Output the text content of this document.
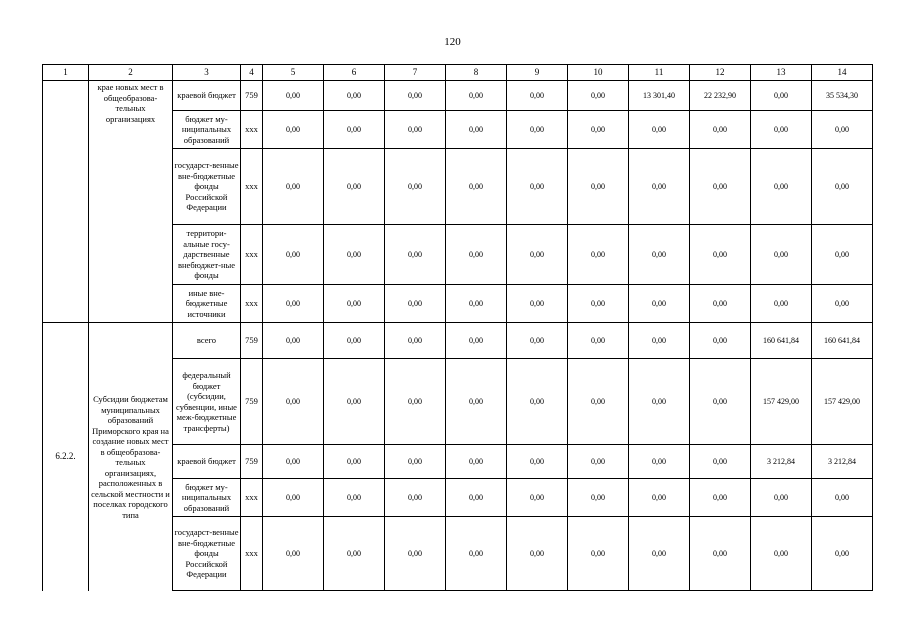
120
1	2	3	4	5	6	7	8	9	10	11	12	13	14
	крае новых мест в общеобразова-тельных организациях	краевой бюджет	759	0,00	0,00	0,00	0,00	0,00	0,00	13 301,40	22 232,90	0,00	35 534,30
		бюджет му-ниципальных образований	ххх	0,00	0,00	0,00	0,00	0,00	0,00	0,00	0,00	0,00	0,00
		государст-венные вне-бюджетные фонды Российской Федерации	ххх	0,00	0,00	0,00	0,00	0,00	0,00	0,00	0,00	0,00	0,00
		территори-альные госу-дарственные внебюджет-ные фонды	ххх	0,00	0,00	0,00	0,00	0,00	0,00	0,00	0,00	0,00	0,00
		иные вне-бюджетные источники	ххх	0,00	0,00	0,00	0,00	0,00	0,00	0,00	0,00	0,00	0,00
6.2.2.	Субсидии бюджетам муниципальных образований Приморского края на создание новых мест в общеобразова-тельных организациях, расположенных в сельской местности и поселках городского типа	всего	759	0,00	0,00	0,00	0,00	0,00	0,00	0,00	0,00	160 641,84	160 641,84
		федеральный бюджет (субсидии, субвенции, иные меж-бюджетные трансферты)	759	0,00	0,00	0,00	0,00	0,00	0,00	0,00	0,00	157 429,00	157 429,00
		краевой бюджет	759	0,00	0,00	0,00	0,00	0,00	0,00	0,00	0,00	3 212,84	3 212,84
		бюджет му-ниципальных образований	ххх	0,00	0,00	0,00	0,00	0,00	0,00	0,00	0,00	0,00	0,00
		государст-венные вне-бюджетные фонды Российской Федерации	ххх	0,00	0,00	0,00	0,00	0,00	0,00	0,00	0,00	0,00	0,00
